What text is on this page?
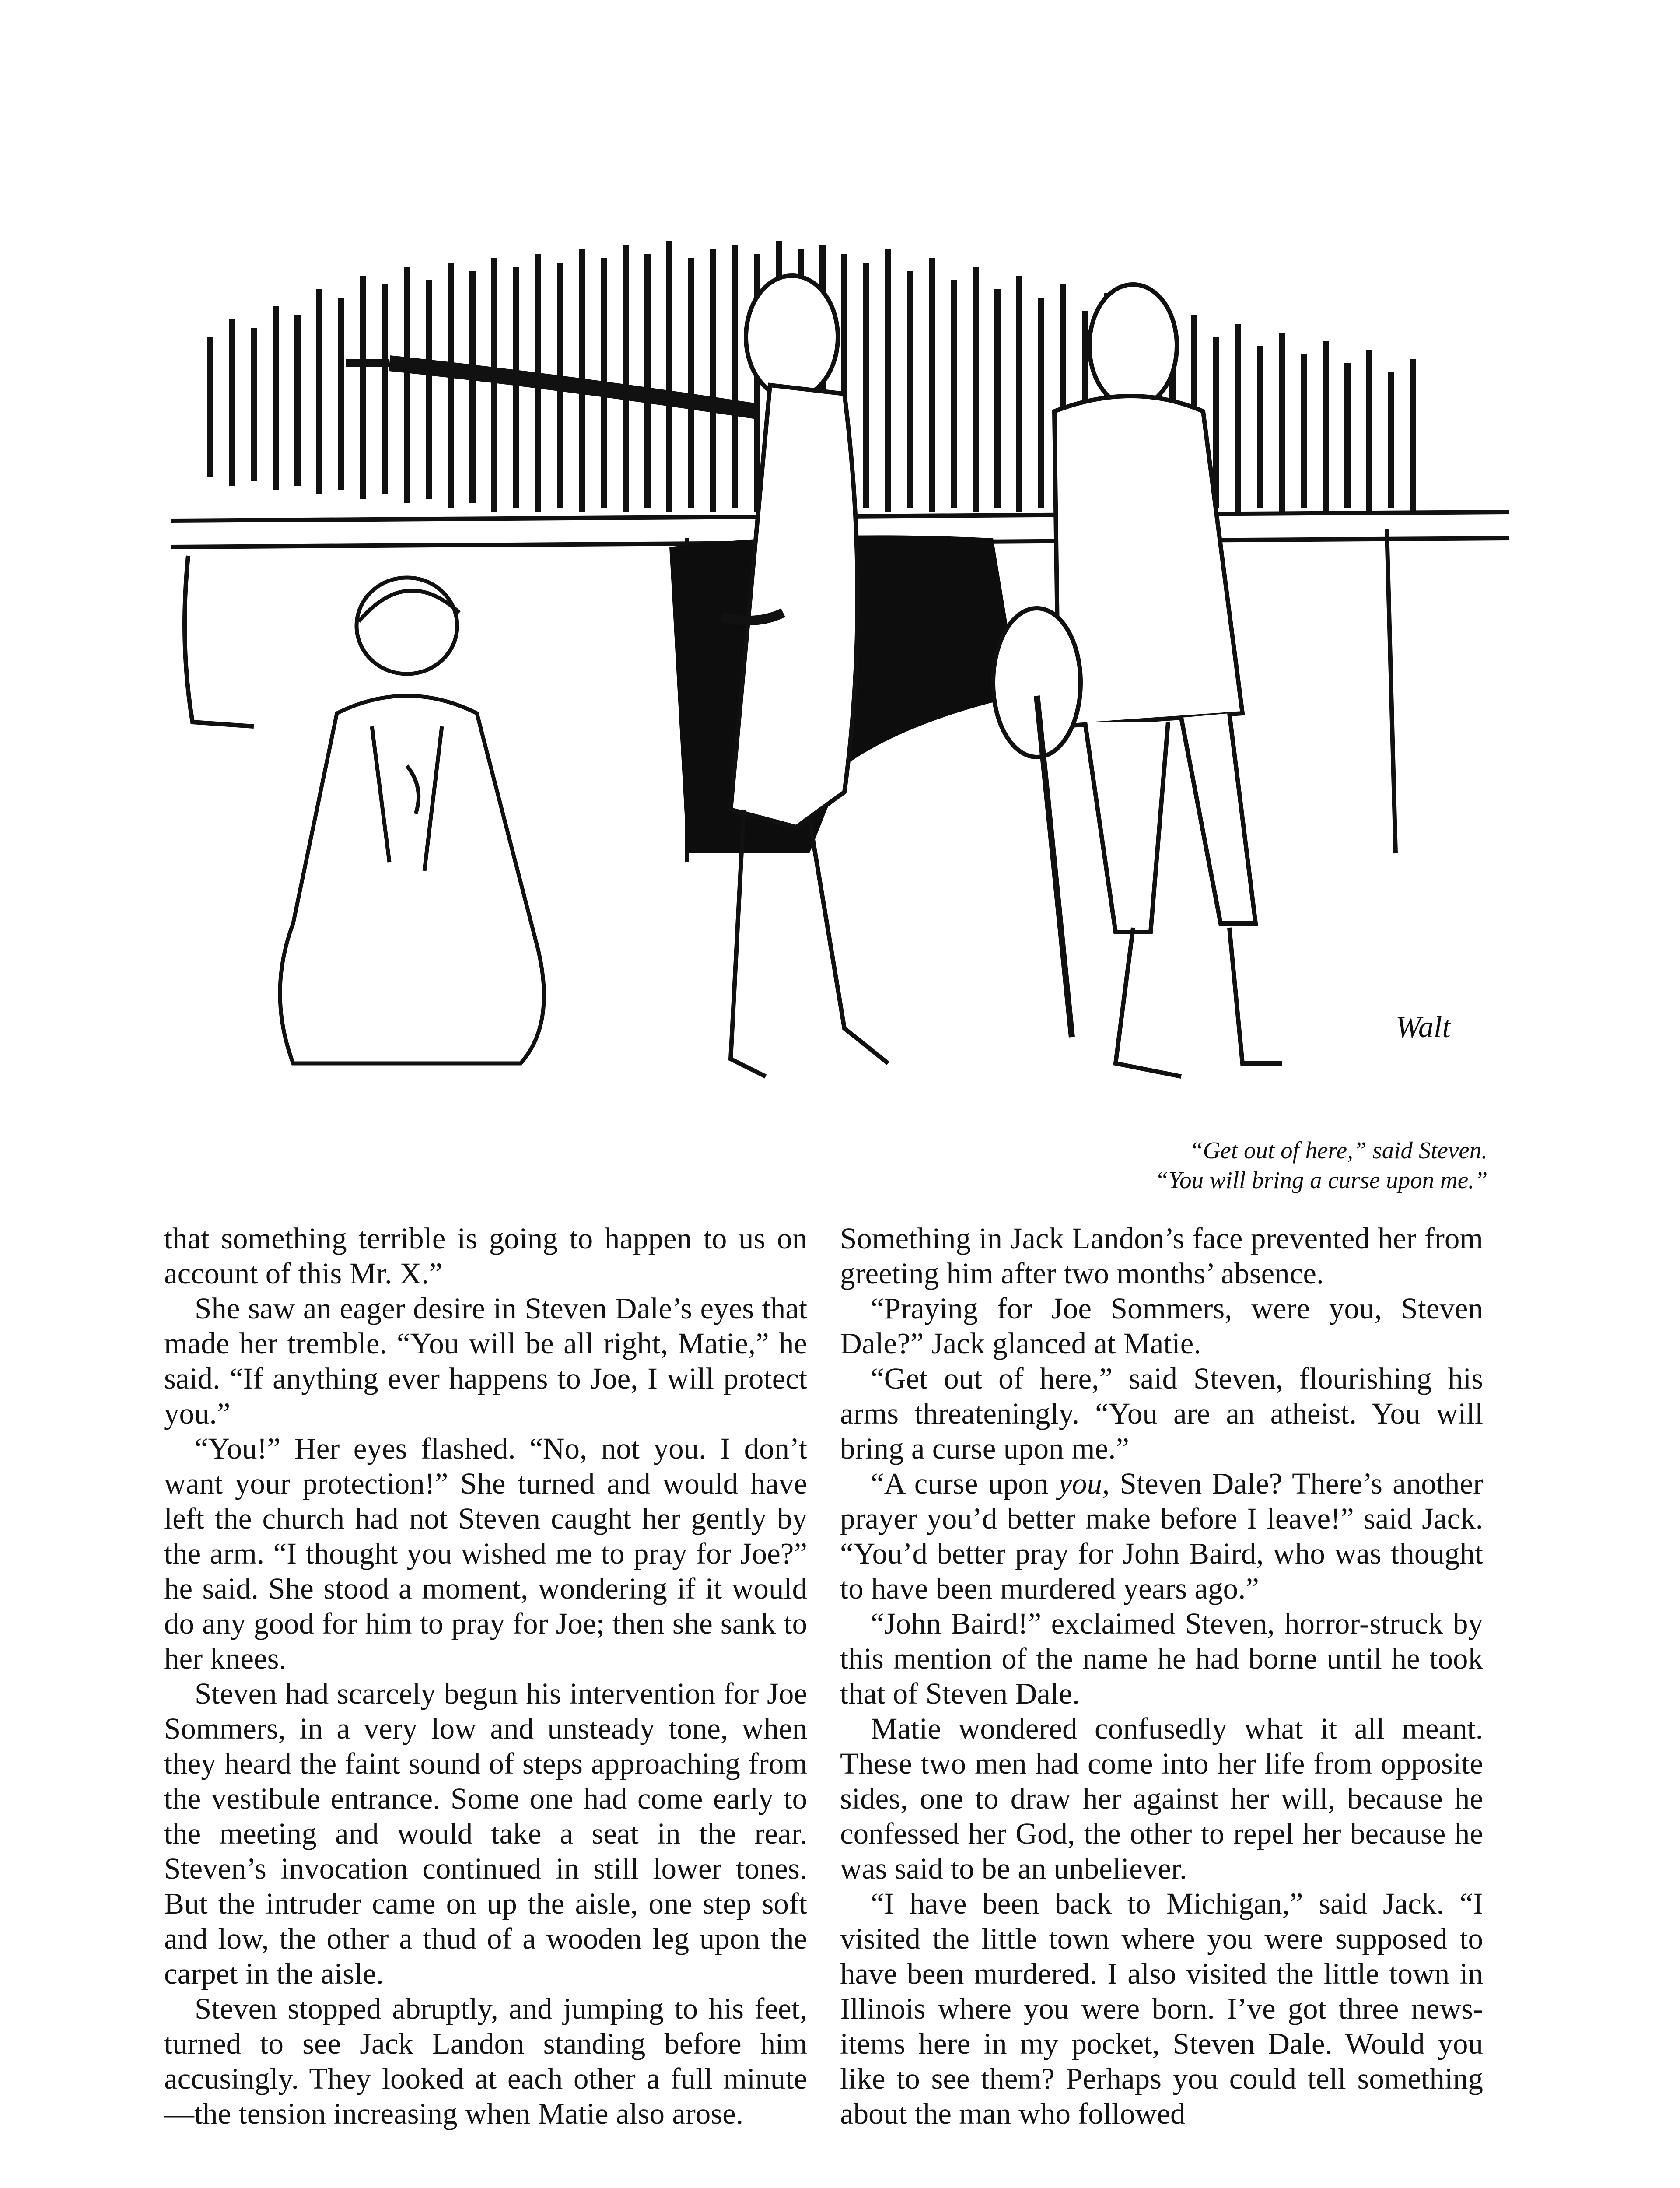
Walt
“Get out of here,” said Steven.
“You will bring a curse upon me.”

that something terrible is going to happen to us on account of this Mr. X.”

She saw an eager desire in Steven Dale’s eyes that made her tremble. “You will be all right, Matie,” he said. “If anything ever happens to Joe, I will protect you.”

“You!” Her eyes flashed. “No, not you. I don’t want your protection!” She turned and would have left the church had not Steven caught her gently by the arm. “I thought you wished me to pray for Joe?” he said. She stood a moment, wondering if it would do any good for him to pray for Joe; then she sank to her knees.

Steven had scarcely begun his intervention for Joe Sommers, in a very low and unsteady tone, when they heard the faint sound of steps approaching from the vestibule entrance. Some one had come early to the meeting and would take a seat in the rear. Steven’s invocation continued in still lower tones. But the intruder came on up the aisle, one step soft and low, the other a thud of a wooden leg upon the carpet in the aisle.

Steven stopped abruptly, and jumping to his feet, turned to see Jack Landon standing before him accusingly. They looked at each other a full minute—the tension increasing when Matie also arose.

Something in Jack Landon’s face prevented her from greeting him after two months’ absence.

“Praying for Joe Sommers, were you, Steven Dale?” Jack glanced at Matie.

“Get out of here,” said Steven, flourishing his arms threateningly. “You are an atheist. You will bring a curse upon me.”

“A curse upon you, Steven Dale? There’s another prayer you’d better make before I leave!” said Jack. “You’d better pray for John Baird, who was thought to have been murdered years ago.”

“John Baird!” exclaimed Steven, horror-struck by this mention of the name he had borne until he took that of Steven Dale.

Matie wondered confusedly what it all meant. These two men had come into her life from opposite sides, one to draw her against her will, because he confessed her God, the other to repel her because he was said to be an unbeliever.

“I have been back to Michigan,” said Jack. “I visited the little town where you were supposed to have been murdered. I also visited the little town in Illinois where you were born. I’ve got three news-items here in my pocket, Steven Dale. Would you like to see them? Perhaps you could tell something about the man who followed
